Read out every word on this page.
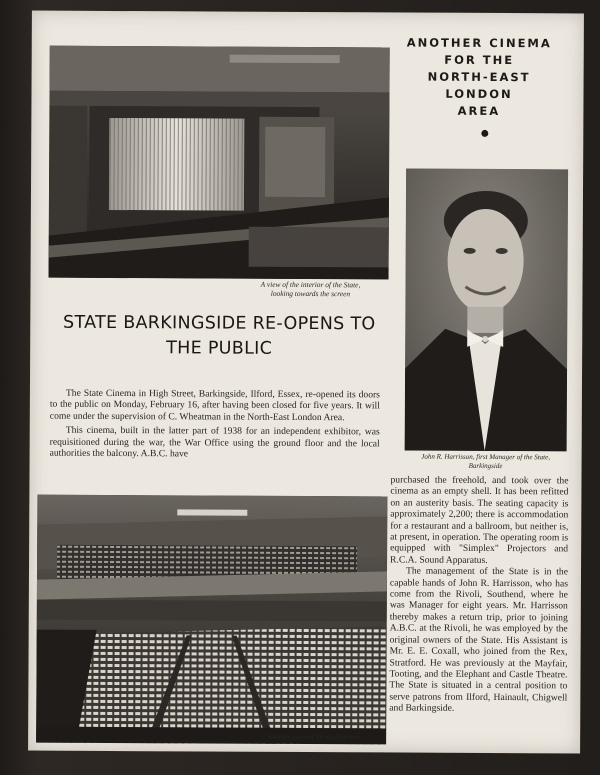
A view of the interior of the State,
looking towards the screen
ANOTHER CINEMA
FOR THE
NORTH-EAST LONDON
AREA
John R. Harrisson, first Manager of the State,
Barkingside
STATE BARKINGSIDE RE-OPENS TO
THE PUBLIC

The State Cinema in High Street, Barkingside, Ilford, Essex, re-opened its doors to the public on Monday, February 16, after having been closed for five years. It will come under the supervision of C. Wheatman in the North-East London Area.

This cinema, built in the latter part of 1938 for an independent exhibitor, was requisitioned during the war, the War Office using the ground floor and the local authorities the balcony. A.B.C. have

Another view of the auditorium

purchased the freehold, and took over the cinema as an empty shell. It has been refitted on an austerity basis. The seating capacity is approximately 2,200; there is accommodation for a restaurant and a ballroom, but neither is, at present, in operation. The operating room is equipped with "Simplex" Projectors and R.C.A. Sound Apparatus.

The management of the State is in the capable hands of John R. Harrisson, who has come from the Rivoli, Southend, where he was Manager for eight years. Mr. Harrisson thereby makes a return trip, prior to joining A.B.C. at the Rivoli, he was employed by the original owners of the State. His Assistant is Mr. E. E. Coxall, who joined from the Rex, Stratford. He was previously at the Mayfair, Tooting, and the Elephant and Castle Theatre. The State is situated in a central position to serve patrons from Ilford, Hainault, Chigwell and Barkingside.
